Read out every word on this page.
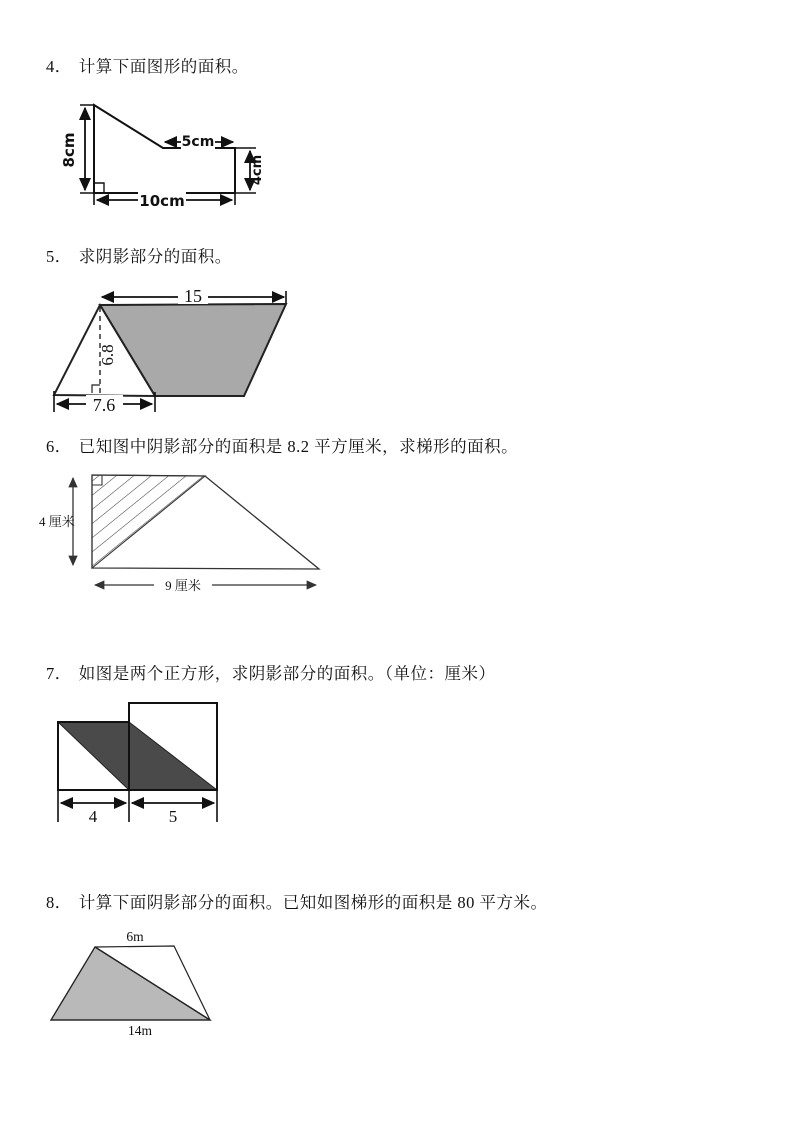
4． 计算下面图形的面积。
8cm	5cm
4cm
10cm
5． 求阴影部分的面积。
6.8
15
7.6
6． 已知图中阴影部分的面积是 8.2 平方厘米，求梯形的面积。
4 厘米
9 厘米
7． 如图是两个正方形，求阴影部分的面积。（单位：厘米）
4	5
8． 计算下面阴影部分的面积。已知如图梯形的面积是 80 平方米。
6m
14m
